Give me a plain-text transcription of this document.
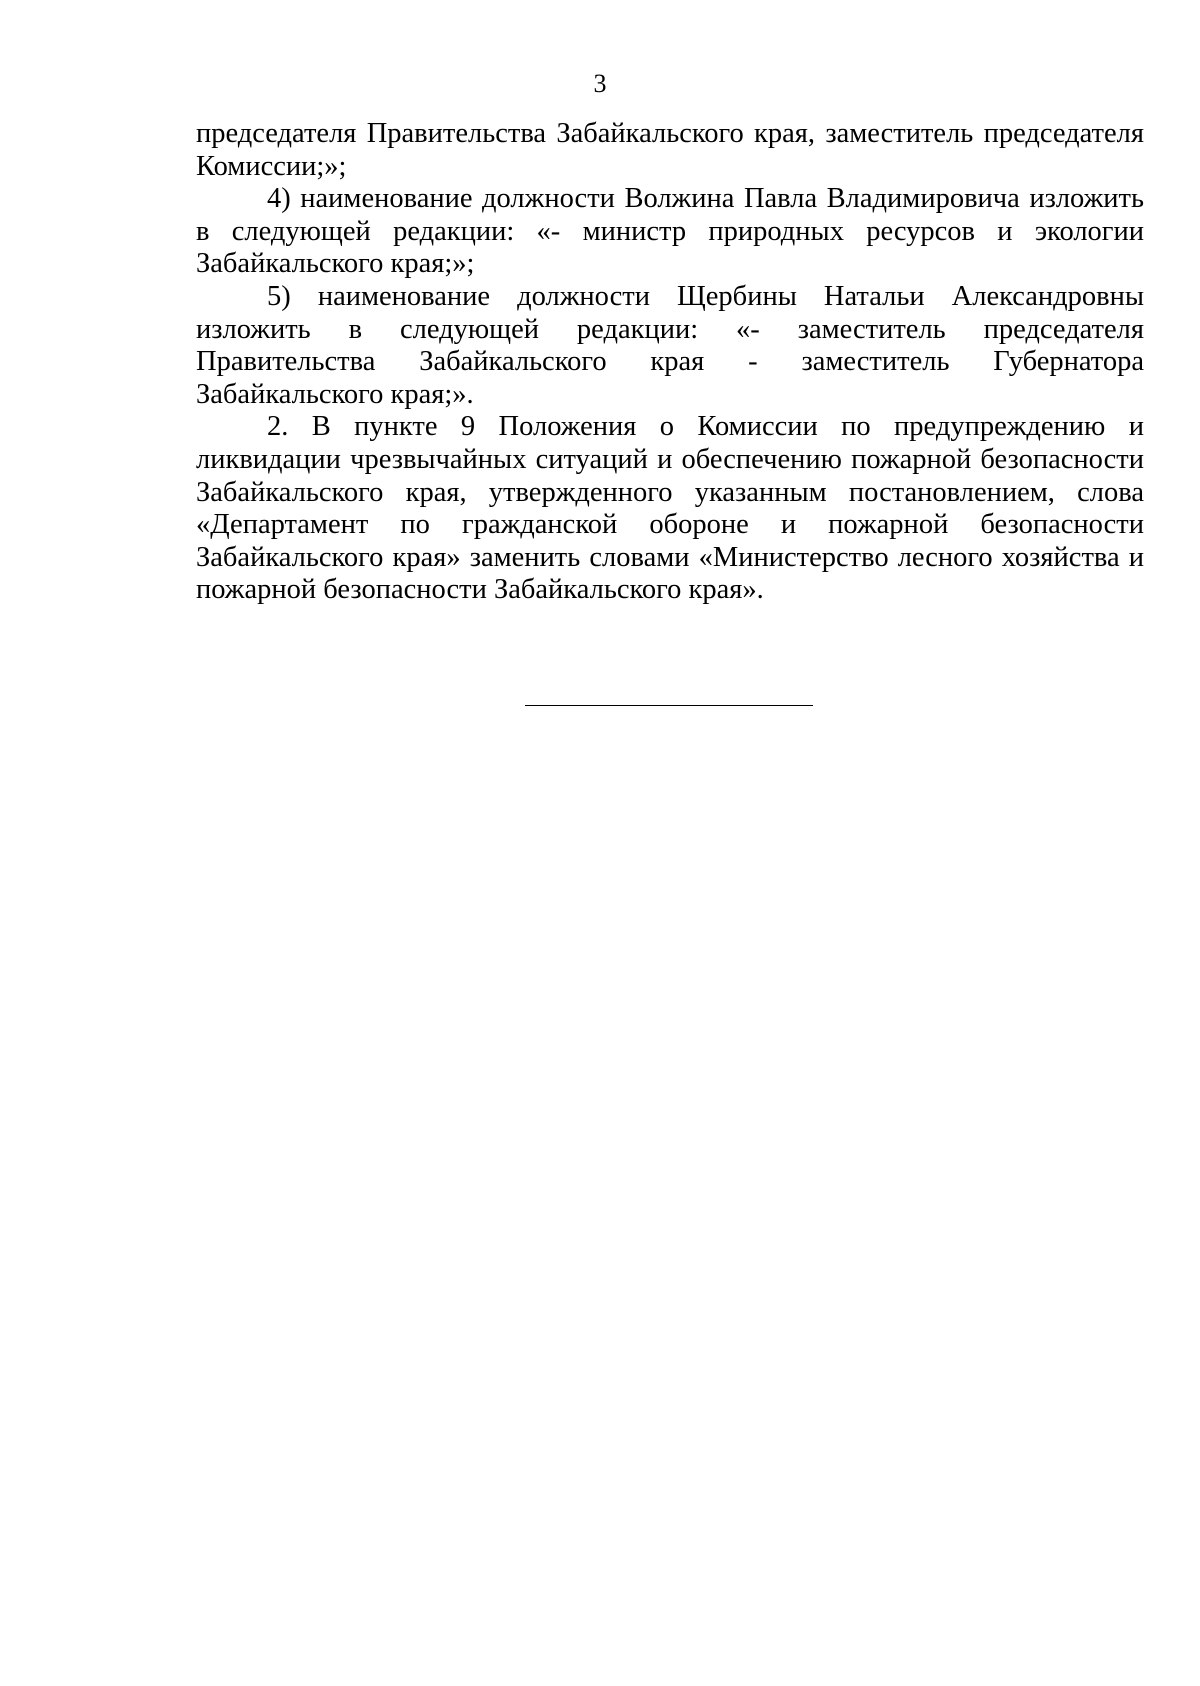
3

председателя Правительства Забайкальского края, заместитель председателя Комиссии;»;

4) наименование должности Волжина Павла Владимировича изложить в следующей редакции: «- министр природных ресурсов и экологии Забайкальского края;»;

5) наименование должности Щербины Натальи Александровны изложить в следующей редакции: «- заместитель председателя Правительства Забайкальского края - заместитель Губернатора Забайкальского края;».

2. В пункте 9 Положения о Комиссии по предупреждению и ликвидации чрезвычайных ситуаций и обеспечению пожарной безопасности Забайкальского края, утвержденного указанным постановлением, слова «Департамент по гражданской обороне и пожарной безопасности Забайкальского края» заменить словами «Министерство лесного хозяйства и пожарной безопасности Забайкальского края».
